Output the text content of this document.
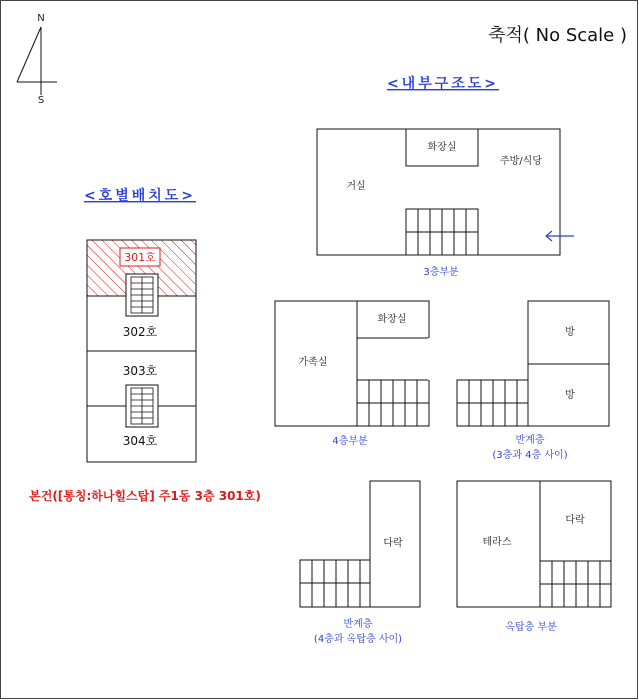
N
S
축적( No Scale )
<내부구조도>
<호별배치도>
301호
302호
303호
304호
본건([통칭:하나힐스탑] 주1동 3층 301호)
화장실
주방/식당
거실
3층부분
화장실
가족실
4층부분
방
방
반계층
(3층과 4층 사이)
다락
반계층
(4층과 옥탑층 사이)
테라스
다락
옥탑층 부분
